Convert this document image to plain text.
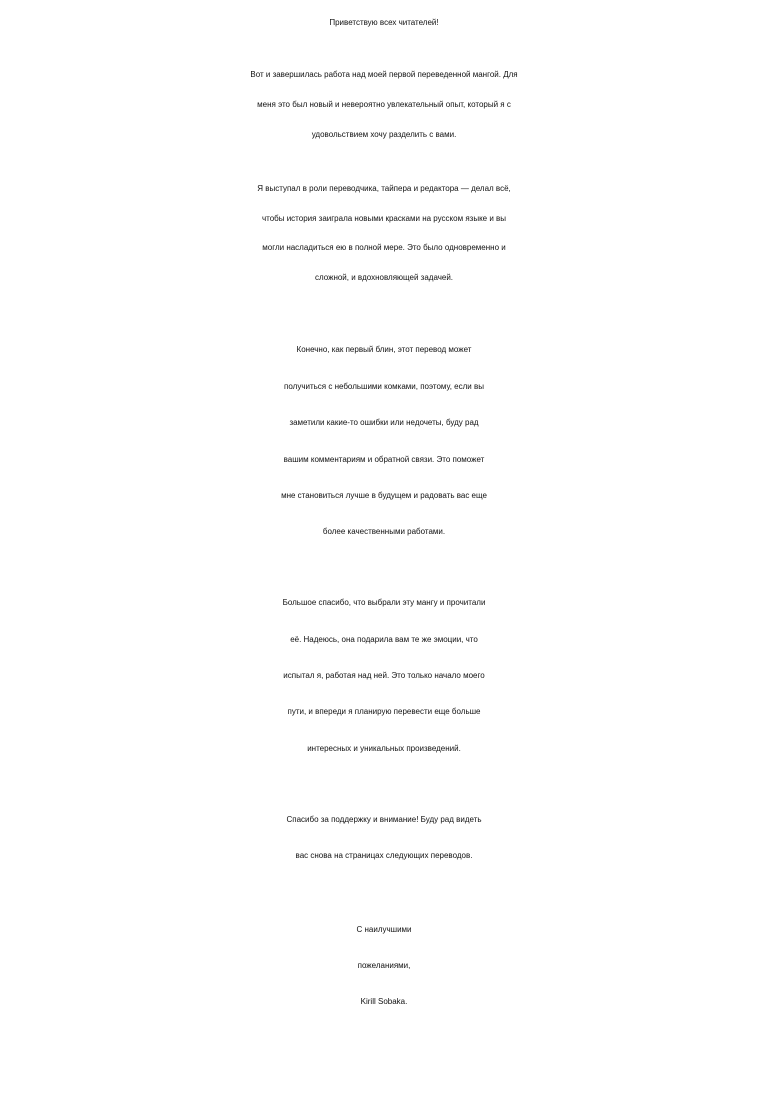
Приветствую всех читателей!
Вот и завершилась работа над моей первой переведенной мангой. Для
меня это был новый и невероятно увлекательный опыт, который я с
удовольствием хочу разделить с вами.
Я выступал в роли переводчика, тайпера и редактора — делал всё,
чтобы история заиграла новыми красками на русском языке и вы
могли насладиться ею в полной мере. Это было одновременно и
сложной, и вдохновляющей задачей.
Конечно, как первый блин, этот перевод может
получиться с небольшими комками, поэтому, если вы
заметили какие-то ошибки или недочеты, буду рад
вашим комментариям и обратной связи. Это поможет
мне становиться лучше в будущем и радовать вас еще
более качественными работами.
Большое спасибо, что выбрали эту мангу и прочитали
её. Надеюсь, она подарила вам те же эмоции, что
испытал я, работая над ней. Это только начало моего
пути, и впереди я планирую перевести еще больше
интересных и уникальных произведений.
Спасибо за поддержку и внимание! Буду рад видеть
вас снова на страницах следующих переводов.
С наилучшими
пожеланиями,
Kirill Sobaka.
